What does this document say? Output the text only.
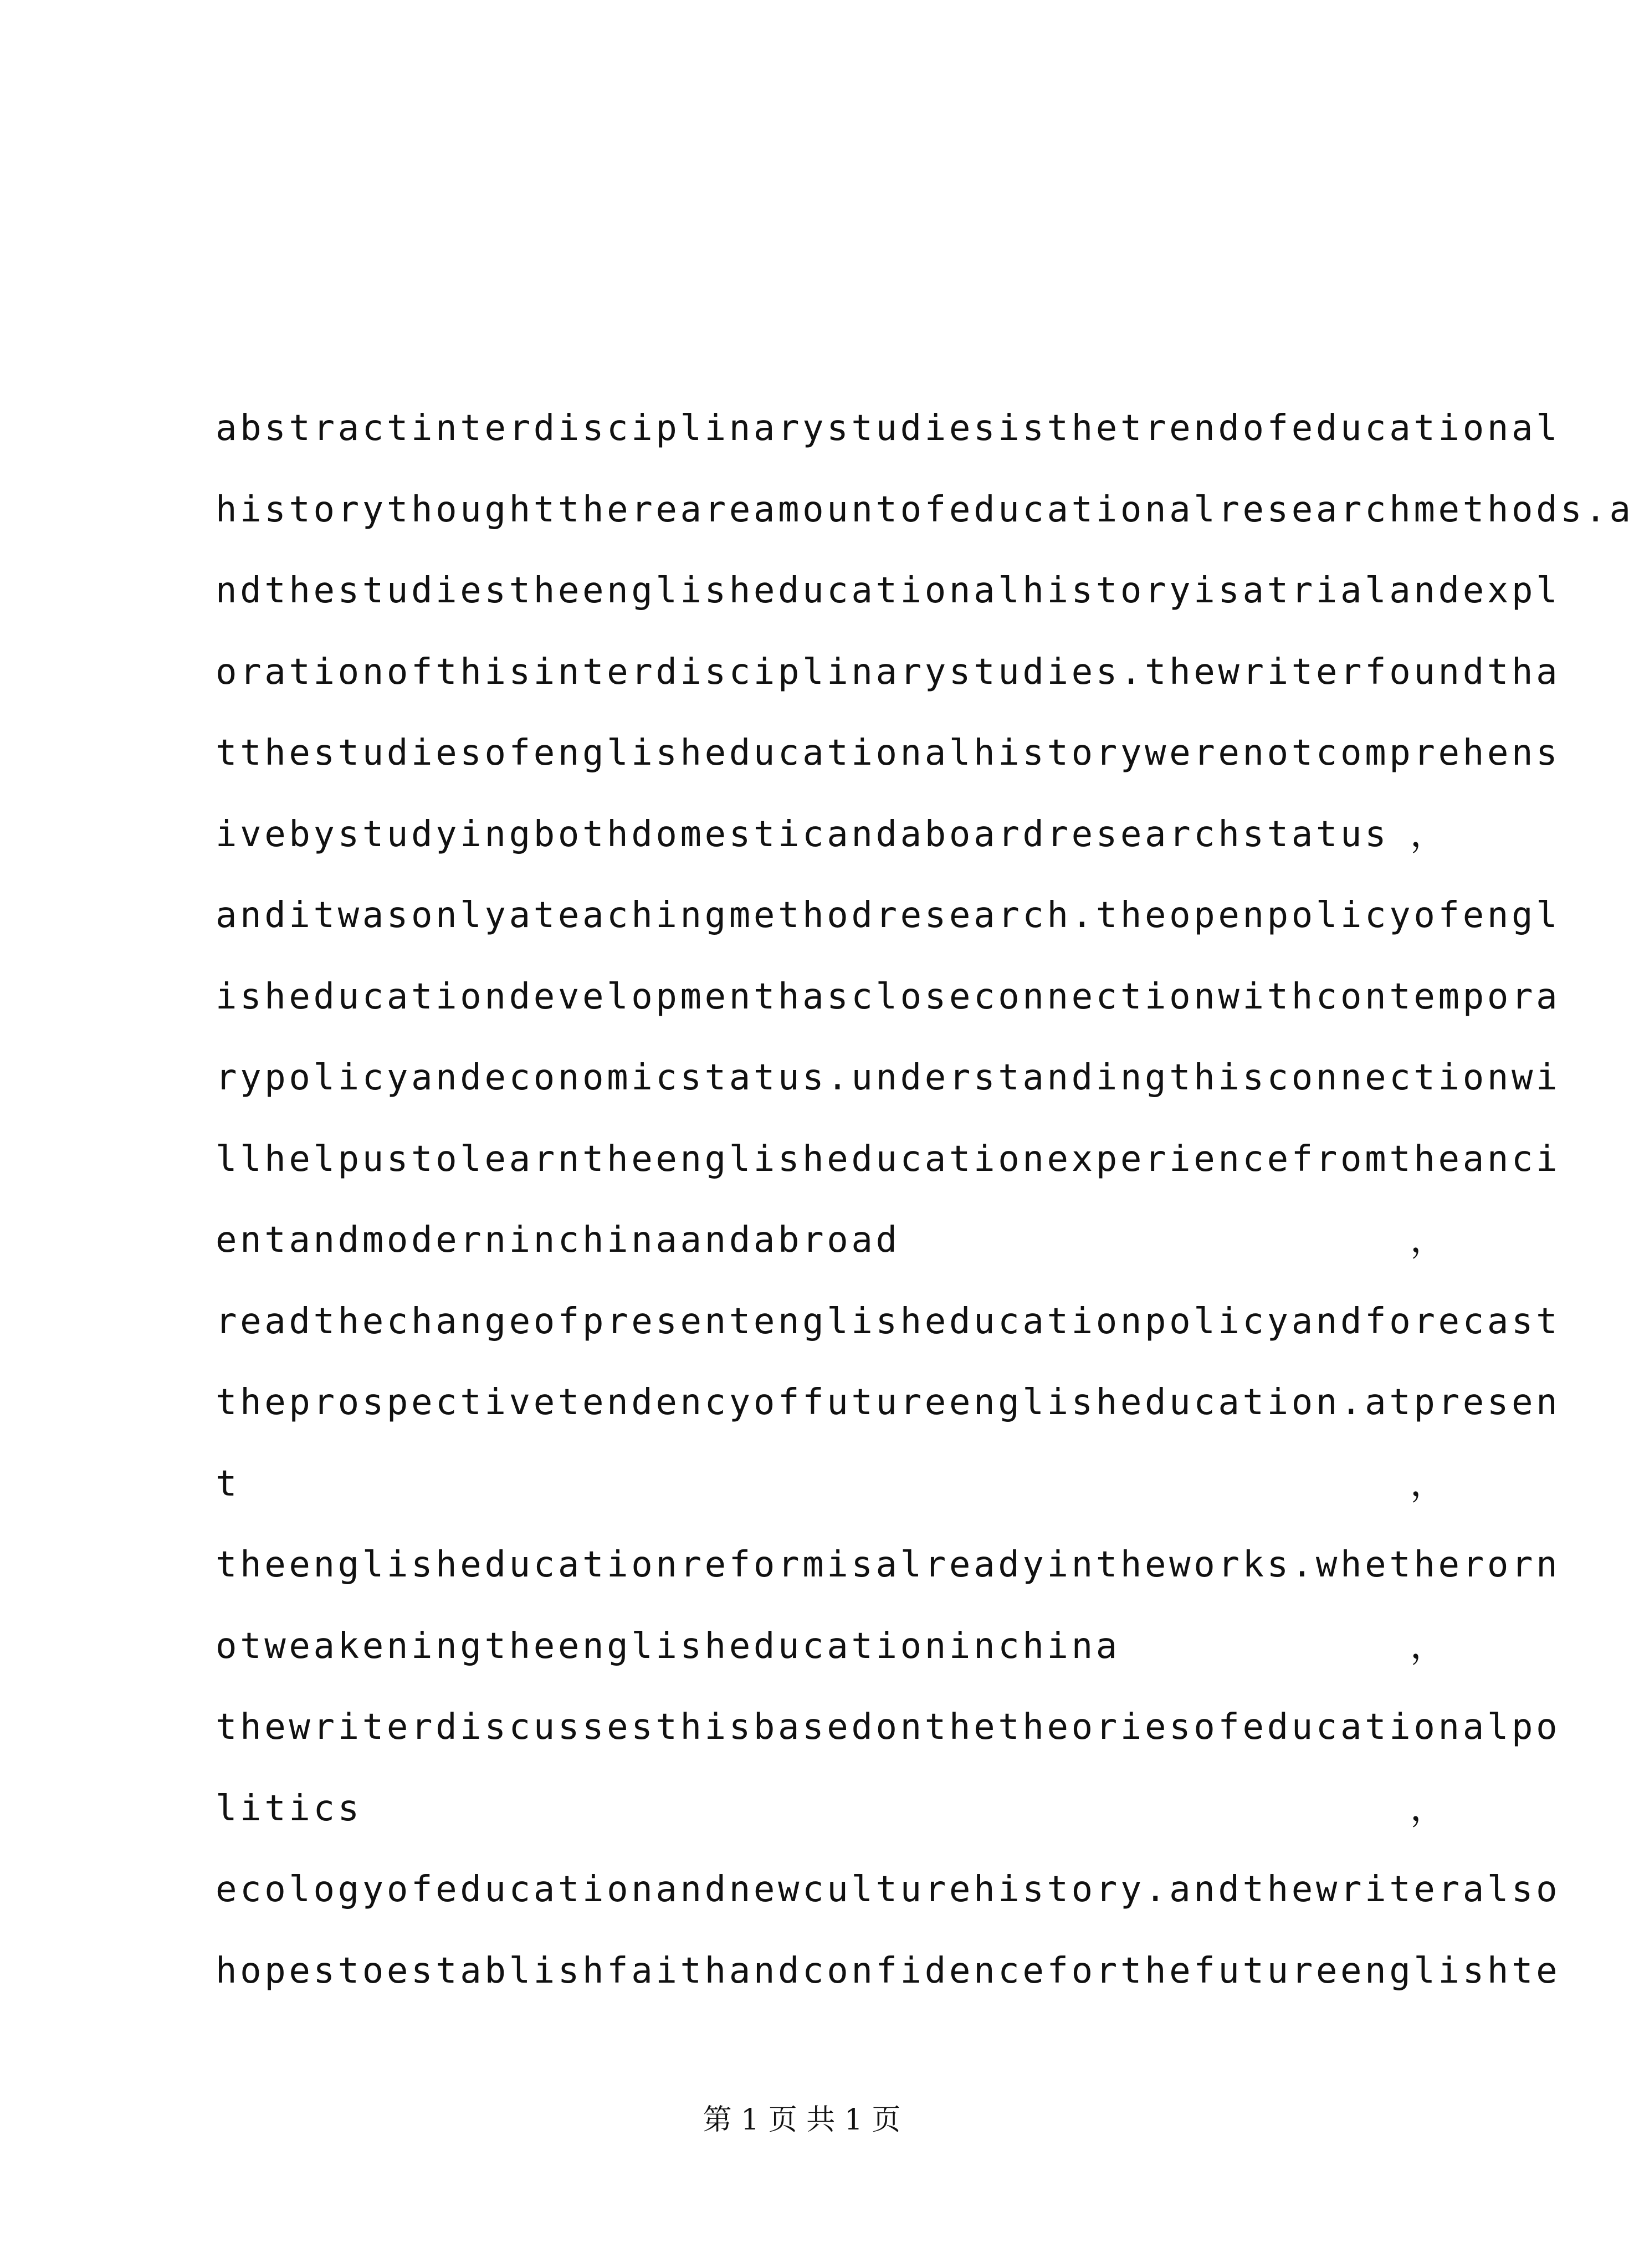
abstractinterdisciplinarystudiesisthetrendofeducational
historythoughtthereareamountofeducationalresearchmethods.a
ndthestudiestheenglisheducationalhistoryisatrialandexpl
orationofthisinterdisciplinarystudies.thewriterfoundtha
tthestudiesofenglisheducationalhistorywerenotcomprehens
ivebystudyingbothdomesticandaboardresearchstatus ，
anditwasonlyateachingmethodresearch.theopenpolicyofengl
isheducationdevelopmenthascloseconnectionwithcontempora
rypolicyandeconomicstatus.understandingthisconnectionwi
llhelpustolearntheenglisheducationexperiencefromtheanci
entandmoderninchinaandabroad	，
readthechangeofpresentenglisheducationpolicyandforecast
theprospectivetendencyoffutureenglisheducation.atpresen
t	，
theenglisheducationreformisalreadyintheworks.whetherorn
otweakeningtheenglisheducationinchina	，
thewriterdiscussesthisbasedonthetheoriesofeducationalpo
litics	，
ecologyofeducationandnewculturehistory.andthewriteralso
hopestoestablishfaithandconfidenceforthefutureenglishte
第 1 页 共 1 页
